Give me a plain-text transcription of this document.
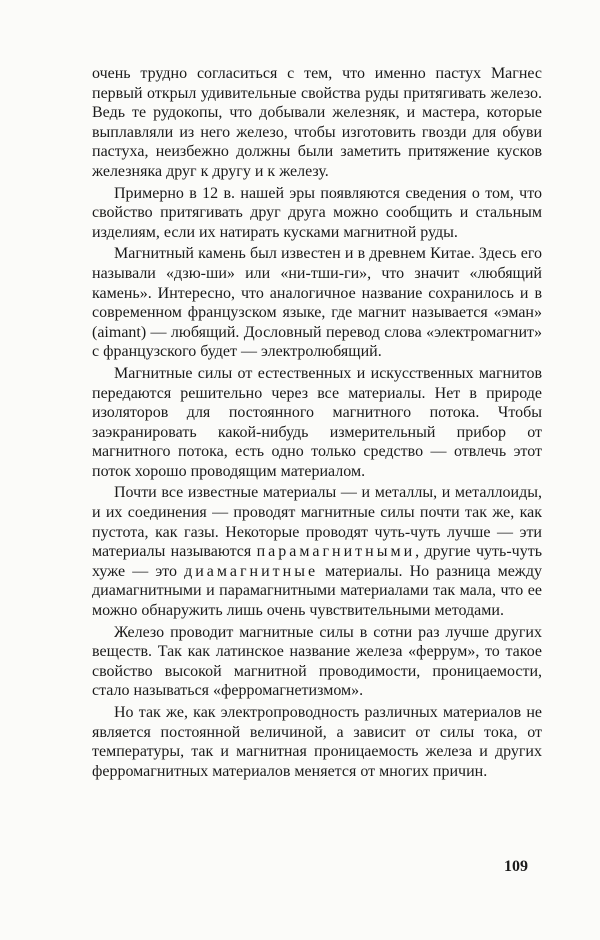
очень трудно согласиться с тем, что именно пастух Магнес первый открыл удивительные свойства руды притягивать железо. Ведь те рудокопы, что добывали железняк, и мастера, которые выплавляли из него железо, чтобы изготовить гвозди для обуви пастуха, неизбежно должны были заметить притяжение кусков железняка друг к другу и к железу.

Примерно в 12 в. нашей эры появляются сведения о том, что свойство притягивать друг друга можно сообщить и стальным изделиям, если их натирать кусками магнитной руды.

Магнитный камень был известен и в древнем Китае. Здесь его называли «дзю-ши» или «ни-тши-ги», что значит «любящий камень». Интересно, что аналогичное название сохранилось и в современном французском языке, где магнит называется «эман» (aimant) — любящий. Дословный перевод слова «электромагнит» с французского будет — электролюбящий.

Магнитные силы от естественных и искусственных магнитов передаются решительно через все материалы. Нет в природе изоляторов для постоянного магнитного потока. Чтобы заэкранировать какой-нибудь измерительный прибор от магнитного потока, есть одно только средство — отвлечь этот поток хорошо проводящим материалом.

Почти все известные материалы — и металлы, и металлоиды, и их соединения — проводят магнитные силы почти так же, как пустота, как газы. Некоторые проводят чуть-чуть лучше — эти материалы называются парамагнитными, другие чуть-чуть хуже — это диамагнитные материалы. Но разница между диамагнитными и парамагнитными материалами так мала, что ее можно обнаружить лишь очень чувствительными методами.

Железо проводит магнитные силы в сотни раз лучше других веществ. Так как латинское название железа «феррум», то такое свойство высокой магнитной проводимости, проницаемости, стало называться «ферромагнетизмом».

Но так же, как электропроводность различных материалов не является постоянной величиной, а зависит от силы тока, от температуры, так и магнитная проницаемость железа и других ферромагнитных материалов меняется от многих причин.

109
